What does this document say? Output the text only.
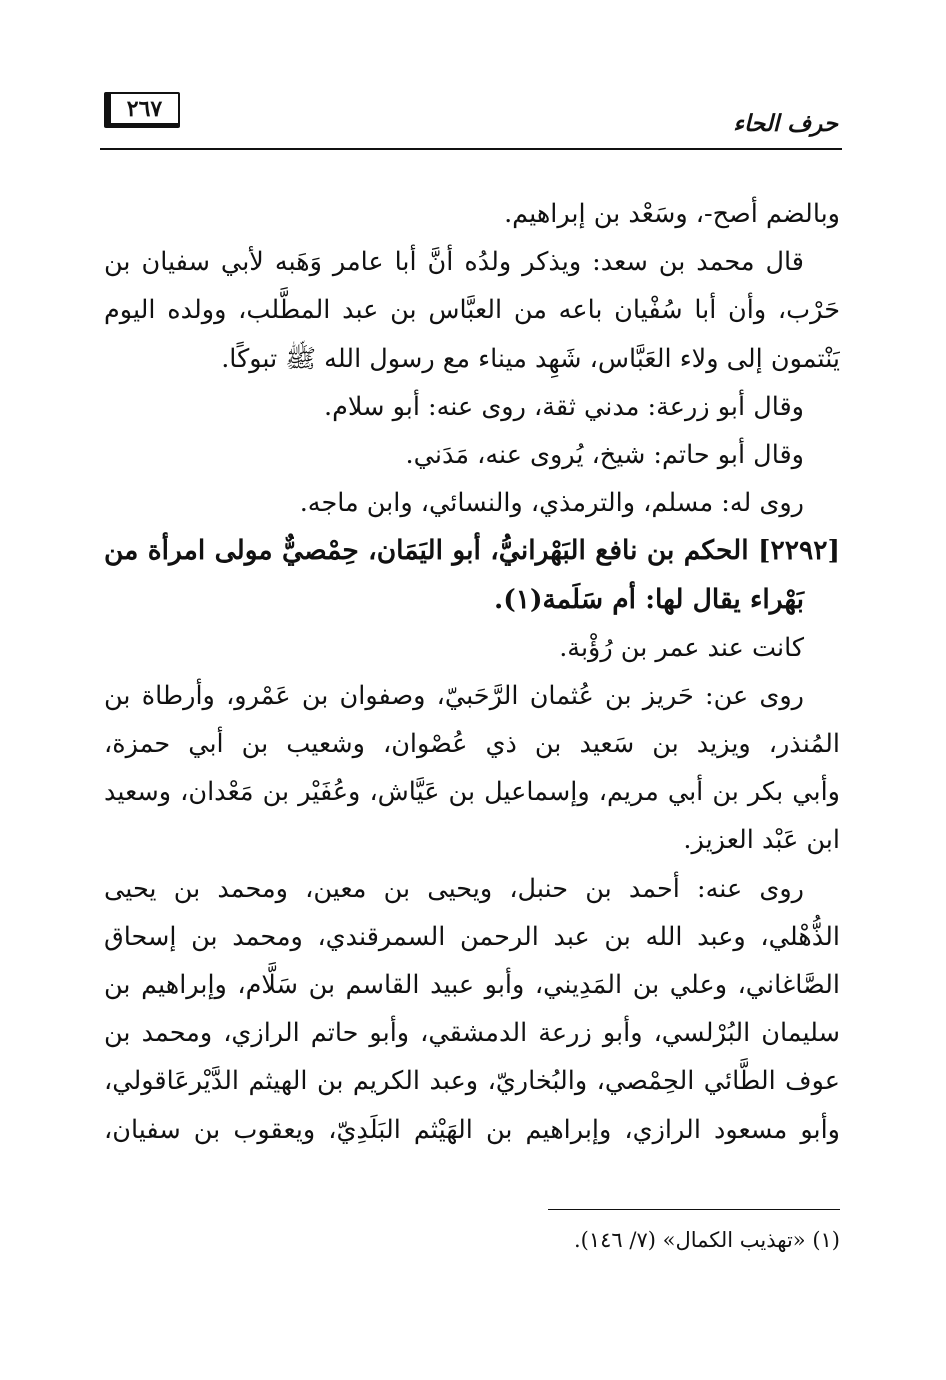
حرف الحاء
٢٦٧
وبالضم أصح-، وسَعْد بن إبراهيم.
قال محمد بن سعد: ويذكر ولدُه أنَّ أبا عامر وَهَبه لأبي سفيان بن
حَرْب، وأن أبا سُفْيان باعه من العبَّاس بن عبد المطَّلب، وولده اليوم
يَنْتمون إلى ولاء العَبَّاس، شَهِد ميناء مع رسول الله ﷺ تبوكًا.
وقال أبو زرعة: مدني ثقة، روى عنه: أبو سلام.
وقال أبو حاتم: شيخ، يُروى عنه، مَدَني.
روى له: مسلم، والترمذي، والنسائي، وابن ماجه.
[٢٢٩٢] الحكم بن نافع البَهْرانيُّ، أبو اليَمَان، حِمْصيٌّ مولى امرأة من
بَهْراء يقال لها: أم سَلَمة(١).
كانت عند عمر بن رُؤْبة.
روى عن: حَريز بن عُثمان الرَّحَبيّ، وصفوان بن عَمْرو، وأرطاة بن
المُنذر، ويزيد بن سَعيد بن ذي عُصْوان، وشعيب بن أبي حمزة،
وأبي بكر بن أبي مريم، وإسماعيل بن عَيَّاش، وعُفَيْر بن مَعْدان، وسعيد
ابن عَبْد العزيز.
روى عنه: أحمد بن حنبل، ويحيى بن معين، ومحمد بن يحيى
الذُّهْلي، وعبد الله بن عبد الرحمن السمرقندي، ومحمد بن إسحاق
الصَّاغاني، وعلي بن المَدِيني، وأبو عبيد القاسم بن سَلَّام، وإبراهيم بن
سليمان البُرْلسي، وأبو زرعة الدمشقي، وأبو حاتم الرازي، ومحمد بن
عوف الطَّائي الحِمْصي، والبُخاريّ، وعبد الكريم بن الهيثم الدَّيْرعَاقولي،
وأبو مسعود الرازي، وإبراهيم بن الهَيْثم البَلَدِيّ، ويعقوب بن سفيان،
(١) «تهذيب الكمال» (٧/ ١٤٦).
